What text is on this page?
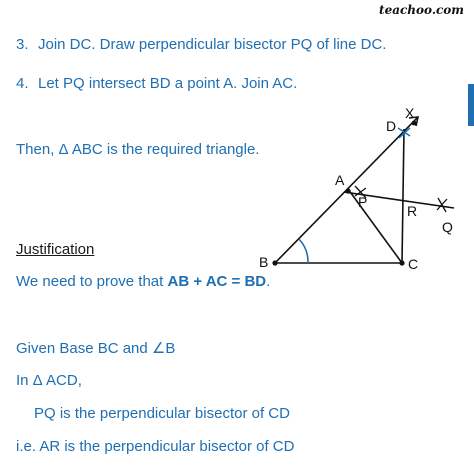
teachoo.com
3. Join DC. Draw perpendicular bisector PQ of line DC.
4. Let PQ intersect BD a point A. Join AC.
Then, Δ ABC is the required triangle.
Justification
We need to prove that AB + AC = BD.
Given Base BC and ∠B
In Δ ACD,
PQ is the perpendicular bisector of CD
i.e. AR is the perpendicular bisector of CD
X
D
A
P
R
Q
B	C
